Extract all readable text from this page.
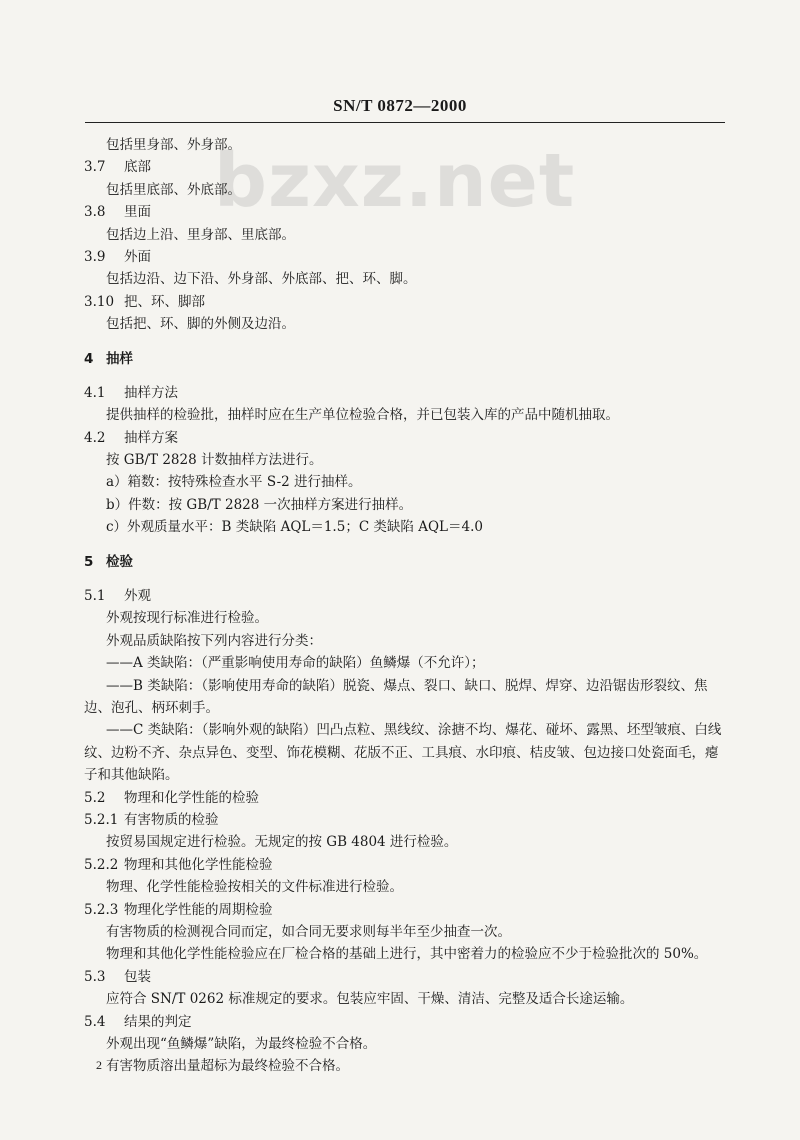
SN/T 0872—2000
bzxz.net
包括里身部、外身部。
3.7 底部
包括里底部、外底部。
3.8 里面
包括边上沿、里身部、里底部。
3.9 外面
包括边沿、边下沿、外身部、外底部、把、环、脚。
3.10 把、环、脚部
包括把、环、脚的外侧及边沿。
4 抽样
4.1 抽样方法
提供抽样的检验批，抽样时应在生产单位检验合格，并已包装入库的产品中随机抽取。
4.2 抽样方案
按 GB/T 2828 计数抽样方法进行。
a）箱数：按特殊检查水平 S-2 进行抽样。
b）件数：按 GB/T 2828 一次抽样方案进行抽样。
c）外观质量水平：B 类缺陷 AQL＝1.5；C 类缺陷 AQL＝4.0
5 检验
5.1 外观
外观按现行标准进行检验。
外观品质缺陷按下列内容进行分类：
——A 类缺陷：（严重影响使用寿命的缺陷）鱼鳞爆（不允许）；
——B 类缺陷：（影响使用寿命的缺陷）脱瓷、爆点、裂口、缺口、脱焊、焊穿、边沿锯齿形裂纹、焦边、泡孔、柄环刺手。
——C 类缺陷：（影响外观的缺陷）凹凸点粒、黑线纹、涂搪不均、爆花、碰坏、露黑、坯型皱痕、白线纹、边粉不齐、杂点异色、变型、饰花模糊、花版不正、工具痕、水印痕、桔皮皱、包边接口处瓷面毛，瘪子和其他缺陷。
5.2 物理和化学性能的检验
5.2.1 有害物质的检验
按贸易国规定进行检验。无规定的按 GB 4804 进行检验。
5.2.2 物理和其他化学性能检验
物理、化学性能检验按相关的文件标准进行检验。
5.2.3 物理化学性能的周期检验
有害物质的检测视合同而定，如合同无要求则每半年至少抽查一次。
物理和其他化学性能检验应在厂检合格的基础上进行，其中密着力的检验应不少于检验批次的 50%。
5.3 包装
应符合 SN/T 0262 标准规定的要求。包装应牢固、干燥、清洁、完整及适合长途运输。
5.4 结果的判定
外观出现“鱼鳞爆”缺陷，为最终检验不合格。
有害物质溶出量超标为最终检验不合格。
2
